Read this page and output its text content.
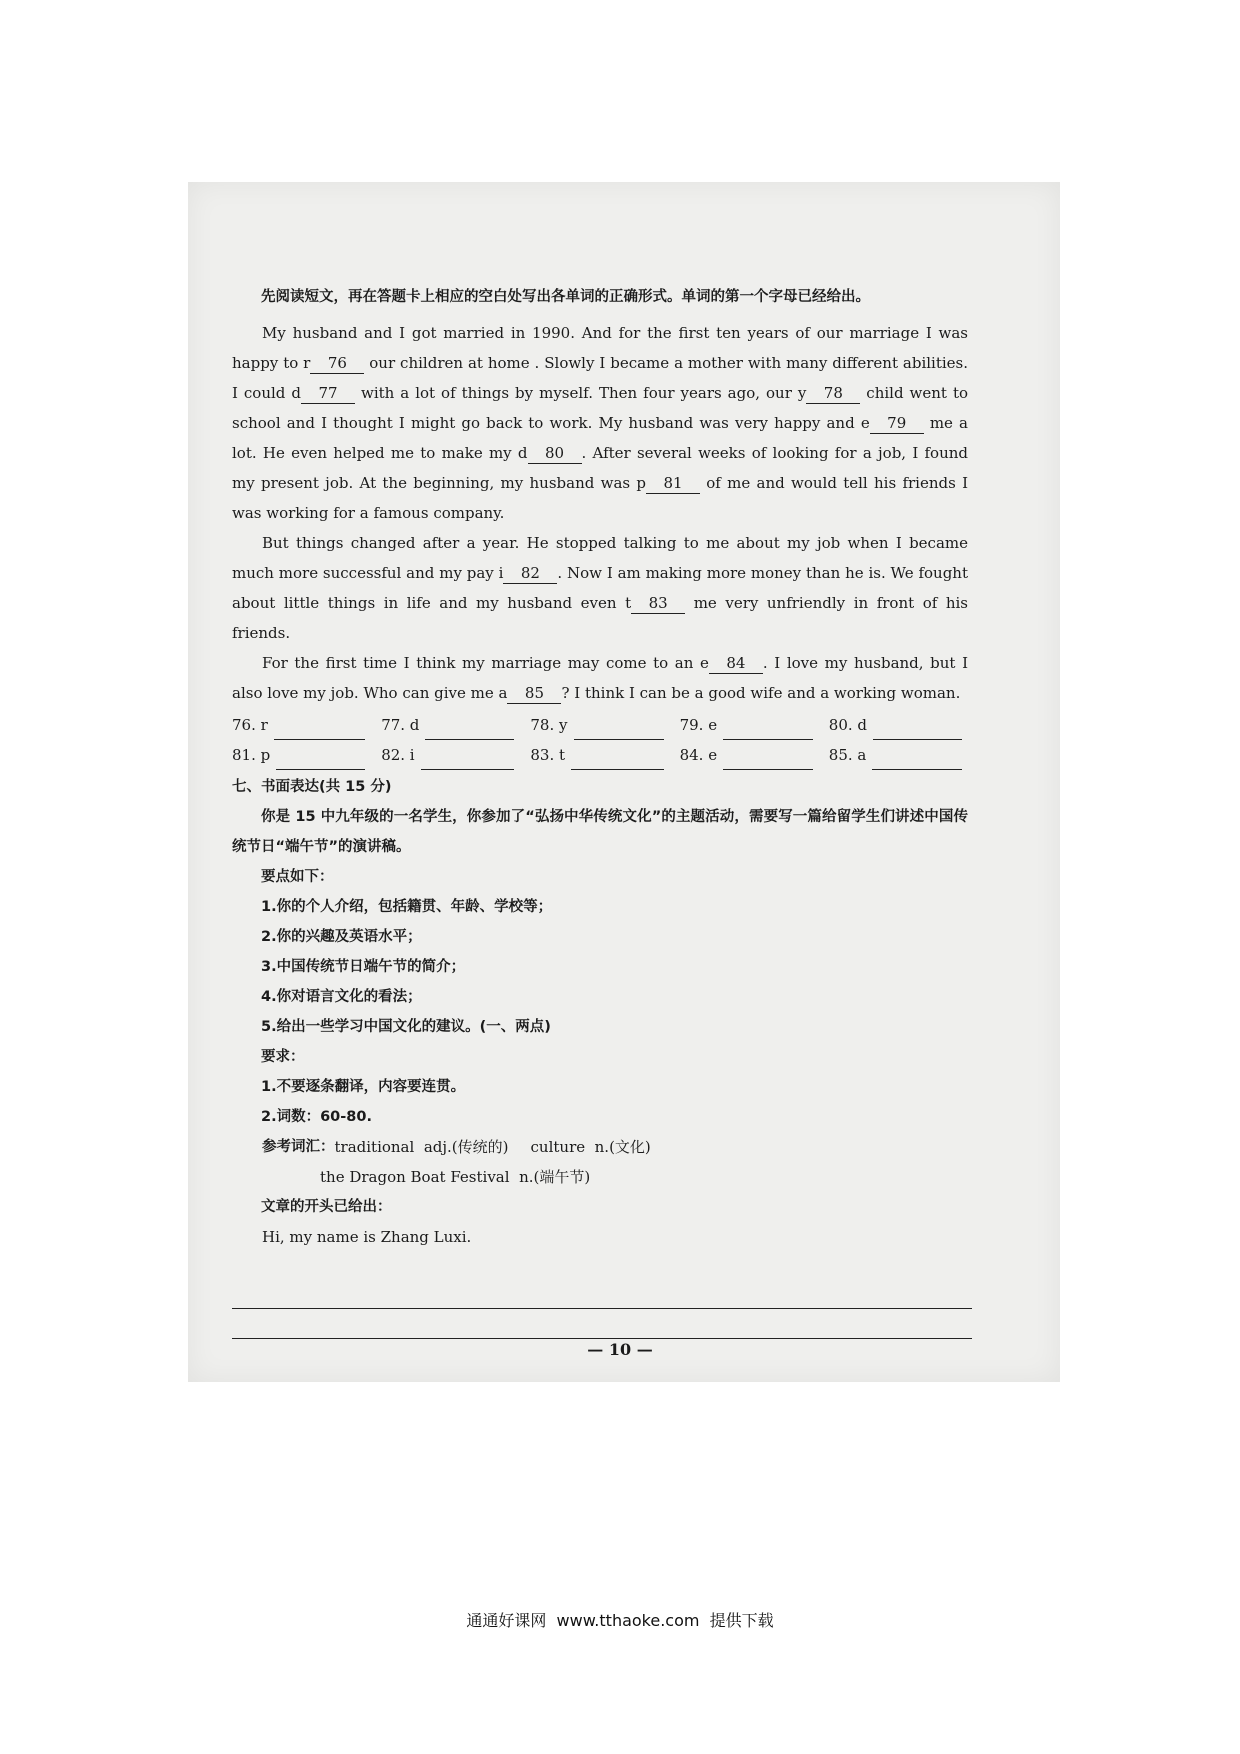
先阅读短文，再在答题卡上相应的空白处写出各单词的正确形式。单词的第一个字母已经给出。

My husband and I got married in 1990. And for the first ten years of our marriage I was happy to r 76 our children at home . Slowly I became a mother with many different abilities. I could d 77 with a lot of things by myself. Then four years ago, our y 78 child went to school and I thought I might go back to work. My husband was very happy and e 79 me a lot. He even helped me to make my d 80 . After several weeks of looking for a job, I found my present job. At the beginning, my husband was p 81 of me and would tell his friends I was working for a famous company.

But things changed after a year. He stopped talking to me about my job when I became much more successful and my pay i 82 . Now I am making more money than he is. We fought about little things in life and my husband even t 83 me very unfriendly in front of his friends.

For the first time I think my marriage may come to an e 84 . I love my husband, but I also love my job. Who can give me a 85 ? I think I can be a good wife and a working woman.

76. r	77. d	78. y	79. e	80. d
81. p	82. i	83. t	84. e	85. a

七、书面表达(共 15 分)

你是 15 中九年级的一名学生，你参加了“弘扬中华传统文化”的主题活动，需要写一篇给留学生们讲述中国传统节日“端午节”的演讲稿。

要点如下：

1.你的个人介绍，包括籍贯、年龄、学校等；

2.你的兴趣及英语水平；

3.中国传统节日端午节的简介；

4.你对语言文化的看法；

5.给出一些学习中国文化的建议。(一、两点)

要求：

1.不要逐条翻译，内容要连贯。

2.词数：60-80.

参考词汇： traditional  adj.(传统的) culture  n.(文化)

the Dragon Boat Festival  n.(端午节)

文章的开头已给出：

Hi, my name is Zhang Luxi.

— 10 —
通通好课网  www.tthaoke.com  提供下载
